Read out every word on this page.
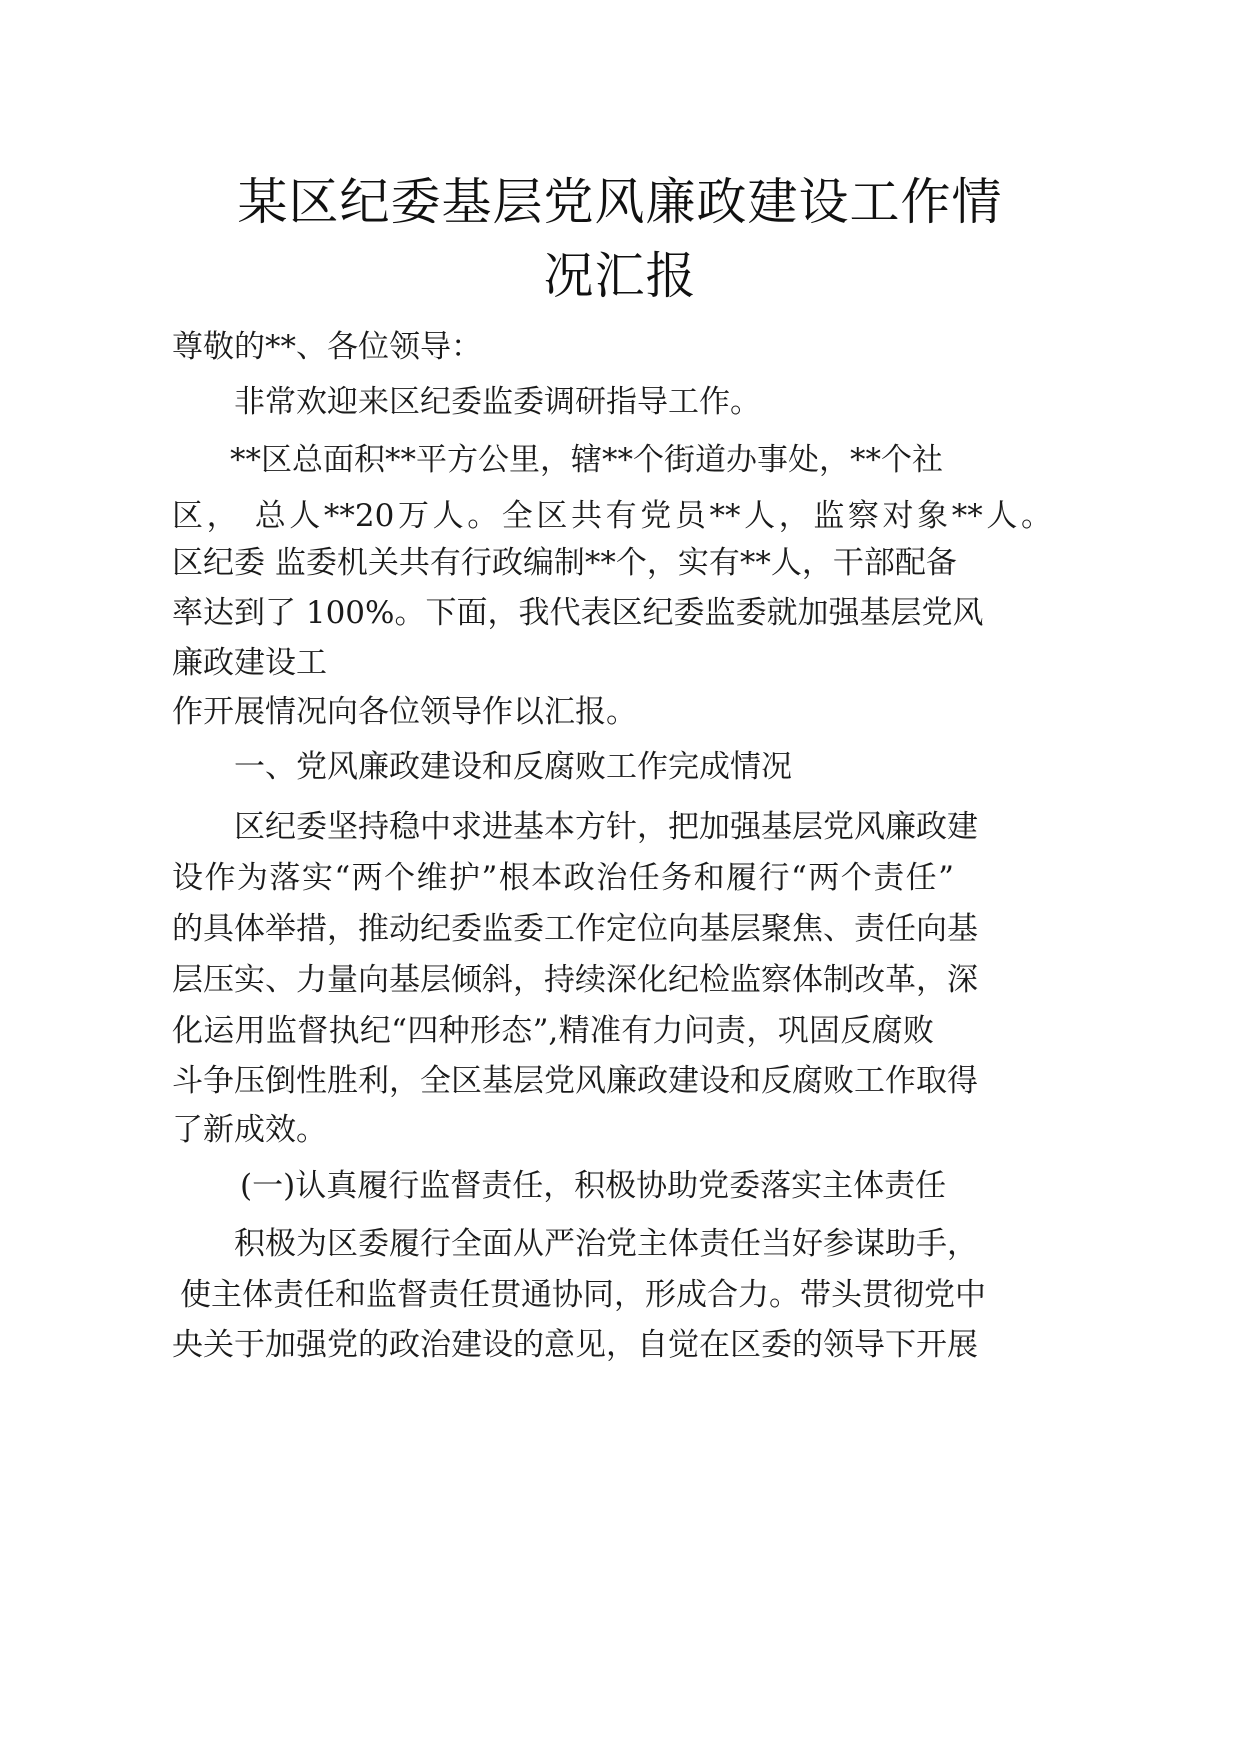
某区纪委基层党风廉政建设工作情
况汇报
尊敬的**、各位领导：
非常欢迎来区纪委监委调研指导工作。
**区总面积**平方公里，辖**个街道办事处，**个社
区， 总人**20万人。全区共有党员**人，监察对象**人。
区纪委 监委机关共有行政编制**个，实有**人，干部配备
率达到了 100%。下面，我代表区纪委监委就加强基层党风
廉政建设工
作开展情况向各位领导作以汇报。
一、党风廉政建设和反腐败工作完成情况
区纪委坚持稳中求进基本方针，把加强基层党风廉政建
设作为落实“两个维护”根本政治任务和履行“两个责任”
的具体举措，推动纪委监委工作定位向基层聚焦、责任向基
层压实、力量向基层倾斜，持续深化纪检监察体制改革，深
化运用监督执纪“四种形态”,精准有力问责，巩固反腐败
斗争压倒性胜利，全区基层党风廉政建设和反腐败工作取得
了新成效。
(一)认真履行监督责任，积极协助党委落实主体责任
积极为区委履行全面从严治党主体责任当好参谋助手，
使主体责任和监督责任贯通协同，形成合力。带头贯彻党中
央关于加强党的政治建设的意见，自觉在区委的领导下开展
